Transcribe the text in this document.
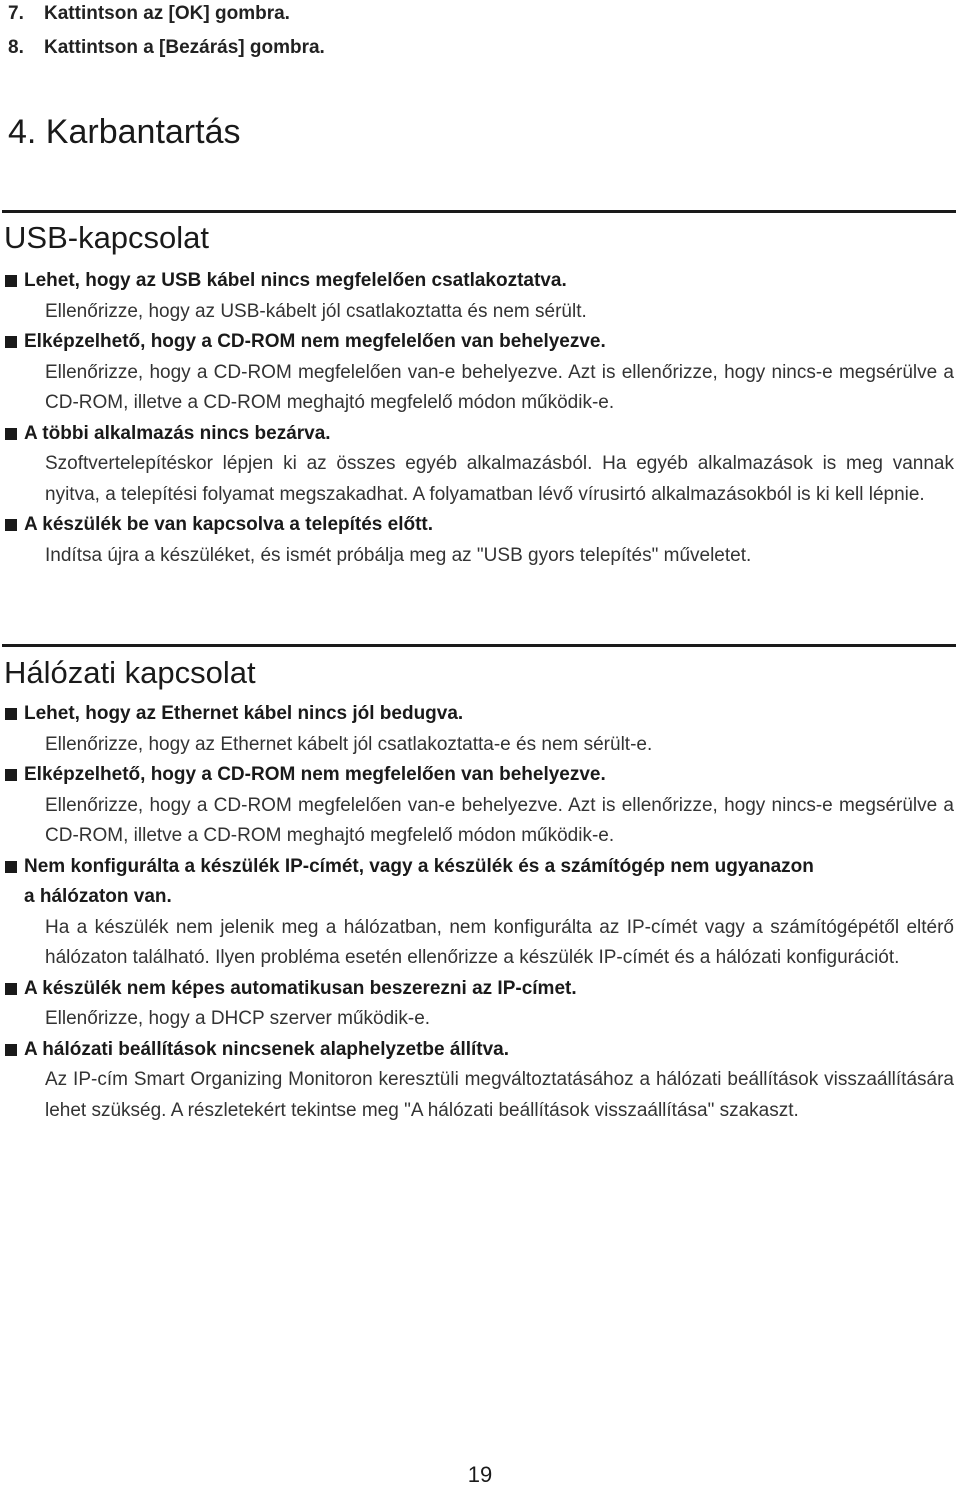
7. Kattintson az [OK] gombra.
8. Kattintson a [Bezárás] gombra.
4. Karbantartás
USB-kapcsolat
Lehet, hogy az USB kábel nincs megfelelően csatlakoztatva.
Ellenőrizze, hogy az USB-kábelt jól csatlakoztatta és nem sérült.
Elképzelhető, hogy a CD-ROM nem megfelelően van behelyezve.
Ellenőrizze, hogy a CD-ROM megfelelően van-e behelyezve. Azt is ellenőrizze, hogy nincs-e megsérülve a CD-ROM, illetve a CD-ROM meghajtó megfelelő módon működik-e.
A többi alkalmazás nincs bezárva.
Szoftvertelepítéskor lépjen ki az összes egyéb alkalmazásból. Ha egyéb alkalmazások is meg vannak nyitva, a telepítési folyamat megszakadhat. A folyamatban lévő vírusirtó alkalmazásokból is ki kell lépnie.
A készülék be van kapcsolva a telepítés előtt.
Indítsa újra a készüléket, és ismét próbálja meg az "USB gyors telepítés" műveletet.
Hálózati kapcsolat
Lehet, hogy az Ethernet kábel nincs jól bedugva.
Ellenőrizze, hogy az Ethernet kábelt jól csatlakoztatta-e és nem sérült-e.
Elképzelhető, hogy a CD-ROM nem megfelelően van behelyezve.
Ellenőrizze, hogy a CD-ROM megfelelően van-e behelyezve. Azt is ellenőrizze, hogy nincs-e megsérülve a CD-ROM, illetve a CD-ROM meghajtó megfelelő módon működik-e.
Nem konfigurálta a készülék IP-címét, vagy a készülék és a számítógép nem ugyanazon
a hálózaton van.
Ha a készülék nem jelenik meg a hálózatban, nem konfigurálta az IP-címét vagy a számítógépétől eltérő hálózaton található. Ilyen probléma esetén ellenőrizze a készülék IP-címét és a hálózati konfigurációt.
A készülék nem képes automatikusan beszerezni az IP-címet.
Ellenőrizze, hogy a DHCP szerver működik-e.
A hálózati beállítások nincsenek alaphelyzetbe állítva.
Az IP-cím Smart Organizing Monitoron keresztüli megváltoztatásához a hálózati beállítások visszaállítására lehet szükség. A részletekért tekintse meg "A hálózati beállítások visszaállítása" szakaszt.
19
